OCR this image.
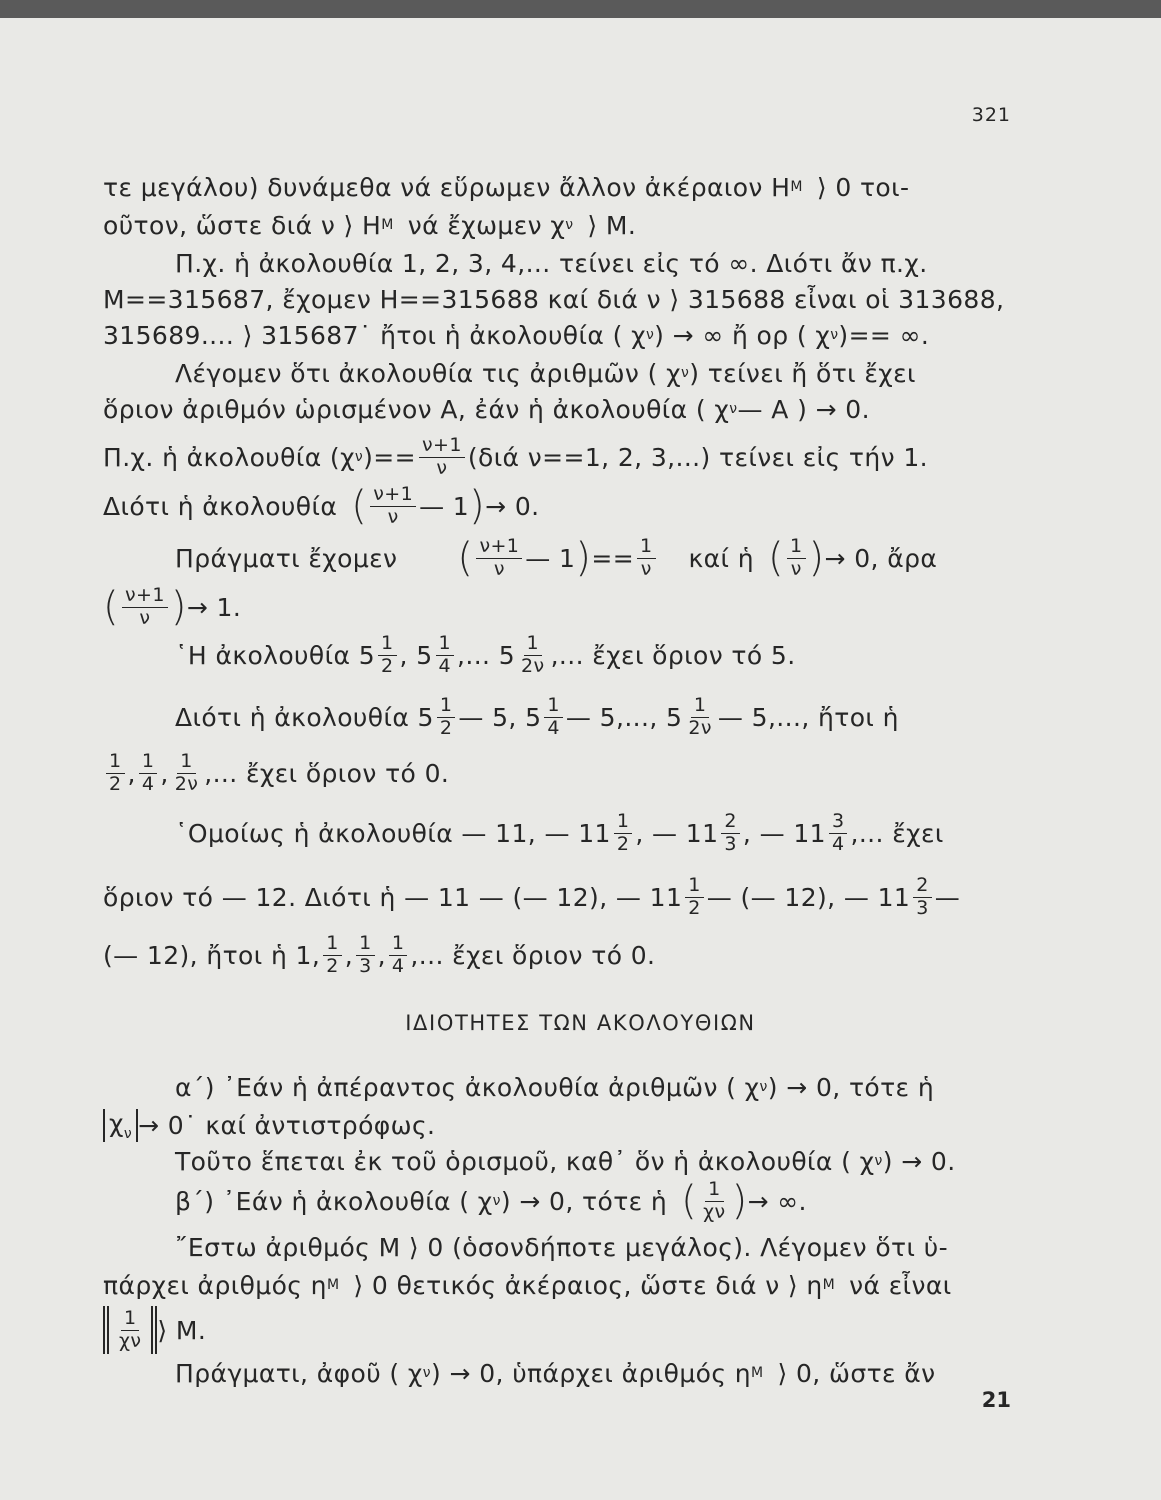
321
τε μεγάλου) δυνάμεθα νά εὕρωμεν ἄλλον ἀκέραιον Η M ⟩ 0 τοι-
οῦτον, ὥστε διά ν ⟩ Η M νά ἔχωμεν χ ν ⟩ Μ.
Π.χ. ἡ ἀκολουθία 1, 2, 3, 4,... τείνει εἰς τό ∞. Διότι ἄν π.χ.
Μ==315687, ἔχομεν Η==315688 καί διά ν ⟩ 315688 εἶναι οἱ 313688,
315689.... ⟩ 315687˙ ἤτοι ἡ ἀκολουθία ( χ ν ) → ∞ ἤ ορ ( χ ν )== ∞.
Λέγομεν ὅτι ἀκολουθία τις ἀριθμῶν ( χ ν ) τείνει ἤ ὅτι ἔχει
ὅριον ἀριθμόν ὡρισμένον Α, ἐάν ἡ ἀκολουθία ( χ ν — Α ) → 0.
Π.χ. ἡ ἀκολουθία (χ ν )== $\frac{\nu+1}{\nu} (\delta\iota ά$ ν==1, 2, 3,...) τείνει εἰς τήν 1.
Διότι ἡ ἀκολουθία ( $\frac{\nu+1}{\nu}$ — 1 ) → 0.
Πράγματι ἔχομεν ( $\frac{\nu+1}{\nu}$ — 1 ) == $\frac{1}{\nu}$ καί ἡ ( $\frac{1}{\nu}$ ) → 0, ἄρα
( $\frac{\nu+1}{\nu}$ ) → 1.
῾Η ἀκολουθία $5 \frac{1}{2}$ , $5 \frac{1}{4}$ ,... $5 \frac{1}{2\nu}$ ,... ἔχει ὅριον τό 5.
Διότι ἡ ἀκολουθία $5 \frac{1}{2}$ — 5, $5 \frac{1}{4}$ — 5,..., $5 \frac{1}{2\nu}$ — 5,..., ἤτοι ἡ
$\frac{1}{2}$ , $\frac{1}{4}$ , $\frac{1}{2\nu}$ ,... ἔχει ὅριον τό 0.
῾Ομοίως ἡ ἀκολουθία — 11, — $11 \frac{1}{2}$ , — $11 \frac{2}{3}$ , — $11 \frac{3}{4}$ ,... ἔχει
ὅριον τό — 12. Διότι ἡ — 11 — (— 12), — $11 \frac{1}{2}$ — (— 12), — $11 \frac{2}{3}$ —
(— 12), ἤτοι ἡ 1, $\frac{1}{2}$ , $\frac{1}{3}$ , $\frac{1}{4}$ ,... ἔχει ὅριον τό 0.
ΙΔΙΟΤΗΤΕΣ ΤΩΝ ΑΚΟΛΟΥΘΙΩΝ
α΄) ᾿Εάν ἡ ἀπέραντος ἀκολουθία ἀριθμῶν ( χ ν ) → 0, τότε ἡ
$\chi_\nu$ → 0˙ καί ἀντιστρόφως.
Τοῦτο ἕπεται ἐκ τοῦ ὁρισμοῦ, καθ᾿ ὅν ἡ ἀκολουθία ( χ ν ) → 0.
β΄) ᾿Εάν ἡ ἀκολουθία ( χ ν ) → 0, τότε ἡ ( $\frac{1}{\chi\nu}$ ) → ∞.
῎Εστω ἀριθμός Μ ⟩ 0 (ὁσονδήποτε μεγάλος). Λέγομεν ὅτι ὑ-
πάρχει ἀριθμός η M ⟩ 0 θετικός ἀκέραιος, ὥστε διά ν ⟩ η M νά εἶναι
$\frac{1}{\chi\nu}$ ⟩ Μ.
Πράγματι, ἀφοῦ ( χ ν ) → 0, ὑπάρχει ἀριθμός η M ⟩ 0, ὥστε ἄν
21
